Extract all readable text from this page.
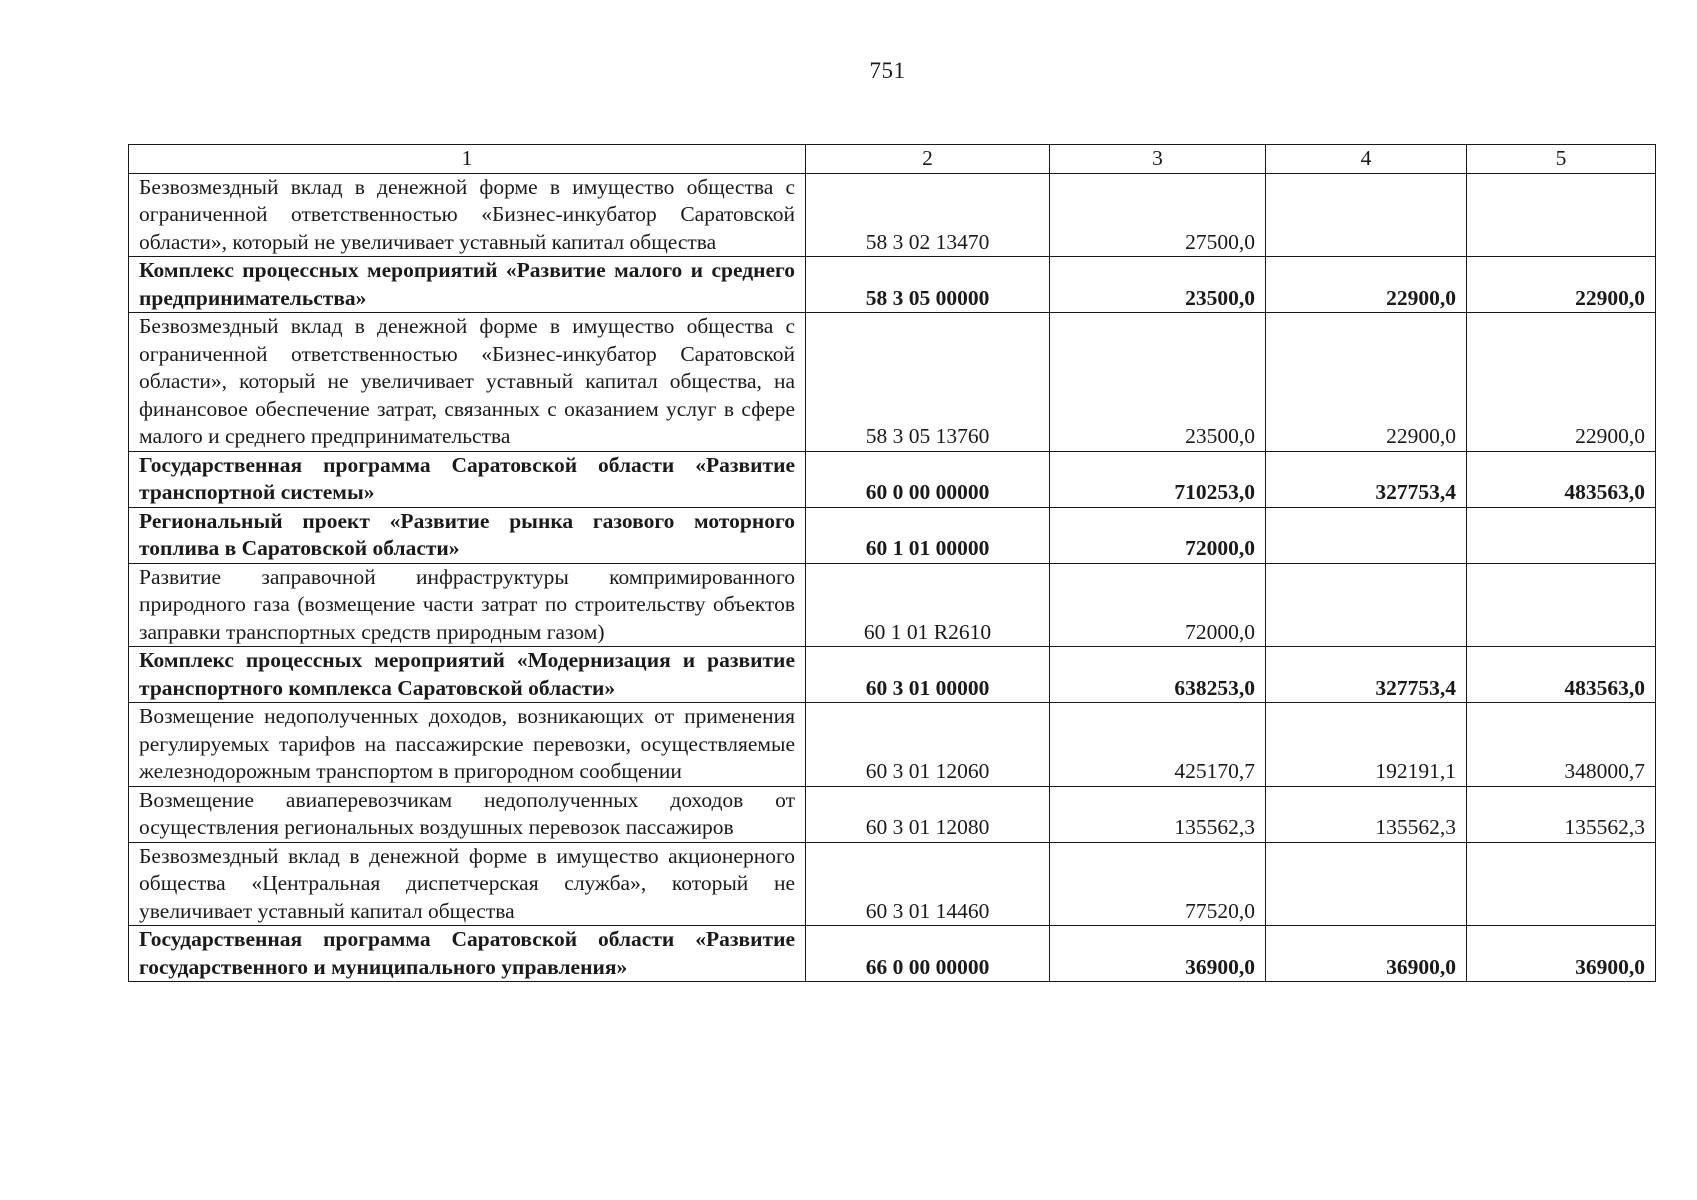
751
1	2	3	4	5
Безвозмездный вклад в денежной форме в имущество общества с ограниченной ответственностью «Бизнес-инкубатор Саратовской области», который не увеличивает уставный капитал общества	58 3 02 13470	27500,0		
Комплекс процессных мероприятий «Развитие малого и среднего предпринимательства»	58 3 05 00000	23500,0	22900,0	22900,0
Безвозмездный вклад в денежной форме в имущество общества с ограниченной ответственностью «Бизнес-инкубатор Саратовской области», который не увеличивает уставный капитал общества, на финансовое обеспечение затрат, связанных с оказанием услуг в сфере малого и среднего предпринимательства	58 3 05 13760	23500,0	22900,0	22900,0
Государственная программа Саратовской области «Развитие транспортной системы»	60 0 00 00000	710253,0	327753,4	483563,0
Региональный проект «Развитие рынка газового моторного топлива в Саратовской области»	60 1 01 00000	72000,0		
Развитие заправочной инфраструктуры компримированного природного газа (возмещение части затрат по строительству объектов заправки транспортных средств природным газом)	60 1 01 R2610	72000,0		
Комплекс процессных мероприятий «Модернизация и развитие транспортного комплекса Саратовской области»	60 3 01 00000	638253,0	327753,4	483563,0
Возмещение недополученных доходов, возникающих от применения регулируемых тарифов на пассажирские перевозки, осуществляемые железнодорожным транспортом в пригородном сообщении	60 3 01 12060	425170,7	192191,1	348000,7
Возмещение авиаперевозчикам недополученных доходов от осуществления региональных воздушных перевозок пассажиров	60 3 01 12080	135562,3	135562,3	135562,3
Безвозмездный вклад в денежной форме в имущество акционерного общества «Центральная диспетчерская служба», который не увеличивает уставный капитал общества	60 3 01 14460	77520,0		
Государственная программа Саратовской области «Развитие государственного и муниципального управления»	66 0 00 00000	36900,0	36900,0	36900,0
